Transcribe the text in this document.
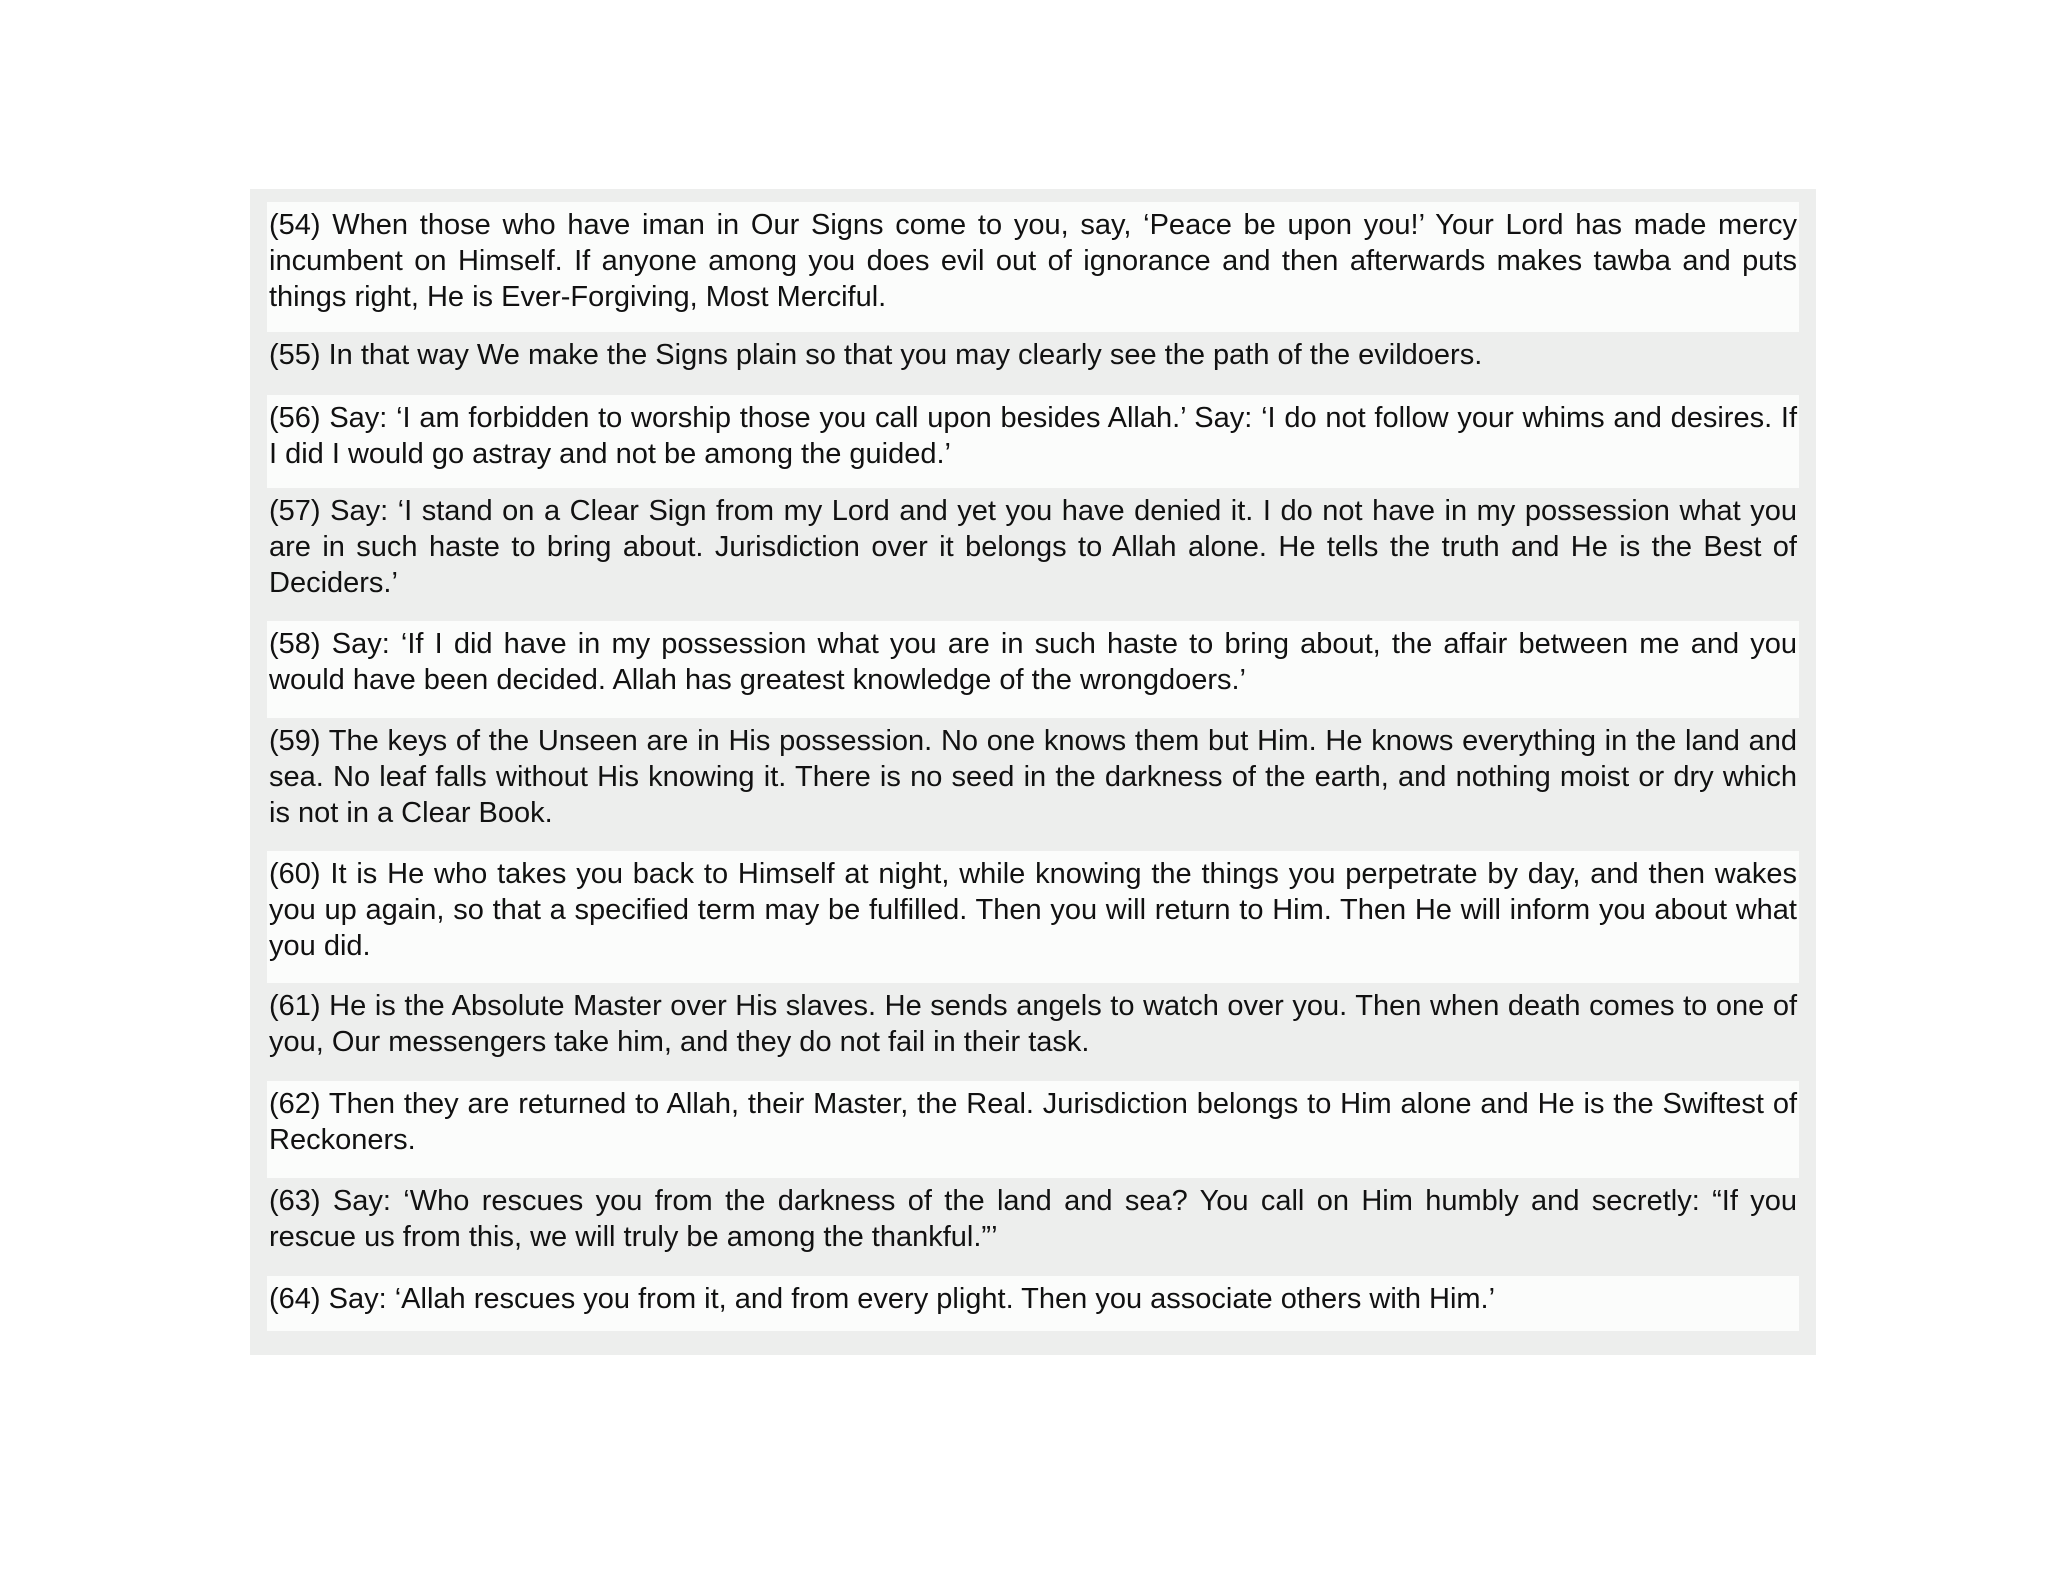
(54) When those who have iman in Our Signs come to you, say, ‘Peace be upon you!’ Your Lord has made mercy incumbent on Himself. If anyone among you does evil out of ignorance and then afterwards makes tawba and puts things right, He is Ever-Forgiving, Most Merciful.
(55) In that way We make the Signs plain so that you may clearly see the path of the evildoers.
(56) Say: ‘I am forbidden to worship those you call upon besides Allah.’ Say: ‘I do not follow your whims and desires. If I did I would go astray and not be among the guided.’
(57) Say: ‘I stand on a Clear Sign from my Lord and yet you have denied it. I do not have in my possession what you are in such haste to bring about. Jurisdiction over it belongs to Allah alone. He tells the truth and He is the Best of Deciders.’
(58) Say: ‘If I did have in my possession what you are in such haste to bring about, the affair between me and you would have been decided. Allah has greatest knowledge of the wrongdoers.’
(59) The keys of the Unseen are in His possession. No one knows them but Him. He knows everything in the land and sea. No leaf falls without His knowing it. There is no seed in the darkness of the earth, and nothing moist or dry which is not in a Clear Book.
(60) It is He who takes you back to Himself at night, while knowing the things you perpetrate by day, and then wakes you up again, so that a specified term may be fulfilled. Then you will return to Him. Then He will inform you about what you did.
(61) He is the Absolute Master over His slaves. He sends angels to watch over you. Then when death comes to one of you, Our messengers take him, and they do not fail in their task.
(62) Then they are returned to Allah, their Master, the Real. Jurisdiction belongs to Him alone and He is the Swiftest of Reckoners.
(63) Say: ‘Who rescues you from the darkness of the land and sea? You call on Him humbly and secretly: “If you rescue us from this, we will truly be among the thankful.”’
(64) Say: ‘Allah rescues you from it, and from every plight. Then you associate others with Him.’
